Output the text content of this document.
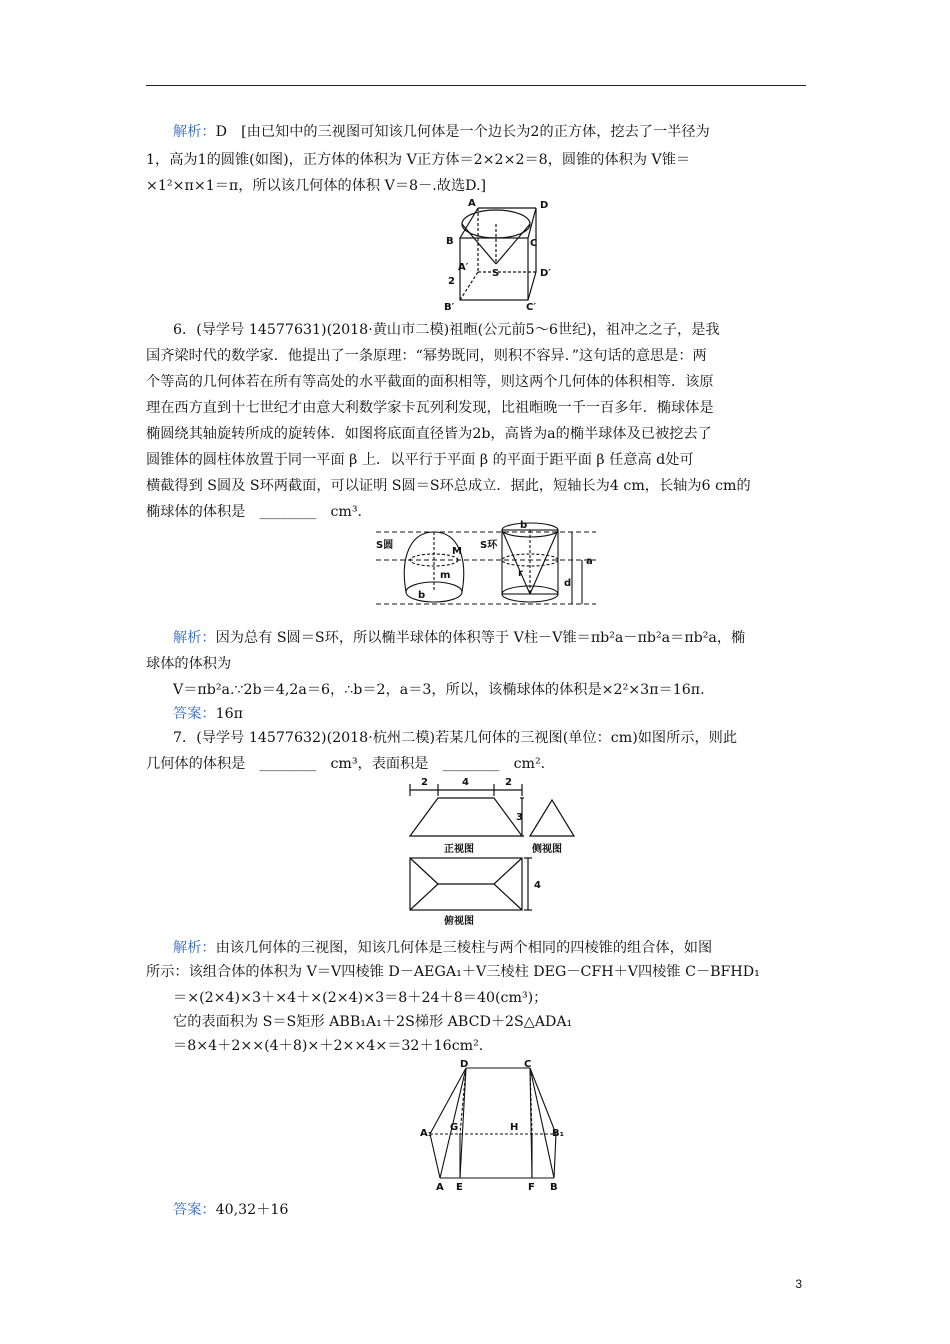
解析：D　[由已知中的三视图可知该几何体是一个边长为2的正方体，挖去了一半径为
1，高为1的圆锥(如图)，正方体的体积为 V正方体＝2×2×2＝8，圆锥的体积为 V锥＝
×1²×π×1＝π，所以该几何体的体积 V＝8－.故选D.]
A	D
B	C
A′
S	D′
2
B′	C′
6．(导学号 14577631)(2018·黄山市二模)祖暅(公元前5～6世纪)，祖冲之之子，是我
国齐梁时代的数学家．他提出了一条原理：“幂势既同，则积不容异．”这句话的意思是：两
个等高的几何体若在所有等高处的水平截面的面积相等，则这两个几何体的体积相等．该原
理在西方直到十七世纪才由意大利数学家卡瓦列利发现，比祖暅晚一千一百多年．椭球体是
椭圆绕其轴旋转所成的旋转体．如图将底面直径皆为2b，高皆为a的椭半球体及已被挖去了
圆锥体的圆柱体放置于同一平面 β 上．以平行于平面 β 的平面于距平面 β 任意高 d处可
横截得到 S圆及 S环两截面，可以证明 S圆＝S环总成立．据此，短轴长为4 cm，长轴为6 cm的
椭球体的体积是　________　cm³.
S圆
M
m
b
S环
b
r
d
a
解析：因为总有 S圆＝S环，所以椭半球体的体积等于 V柱－V锥＝πb²a－πb²a＝πb²a，椭
球体的体积为
V＝πb²a.∵2b＝4,2a＝6，∴b＝2，a＝3，所以，该椭球体的体积是×2²×3π＝16π.
答案：16π
7．(导学号 14577632)(2018·杭州二模)若某几何体的三视图(单位：cm)如图所示，则此
几何体的体积是　________　cm³，表面积是　________　cm².
2	4	2
3
正视图	侧视图
4
俯视图
解析：由该几何体的三视图，知该几何体是三棱柱与两个相同的四棱锥的组合体，如图
所示：该组合体的体积为 V＝V四棱锥 D－AEGA₁＋V三棱柱 DEG－CFH＋V四棱锥 C－BFHD₁
＝×(2×4)×3＋×4＋×(2×4)×3＝8＋24＋8＝40(cm³)；
它的表面积为 S＝S矩形 ABB₁A₁＋2S梯形 ABCD＋2S△ADA₁
＝8×4＋2××(4＋8)×＋2××4×＝32＋16cm².
D	C
A₁
G	H
B₁
A E	F B
答案：40,32＋16
3
